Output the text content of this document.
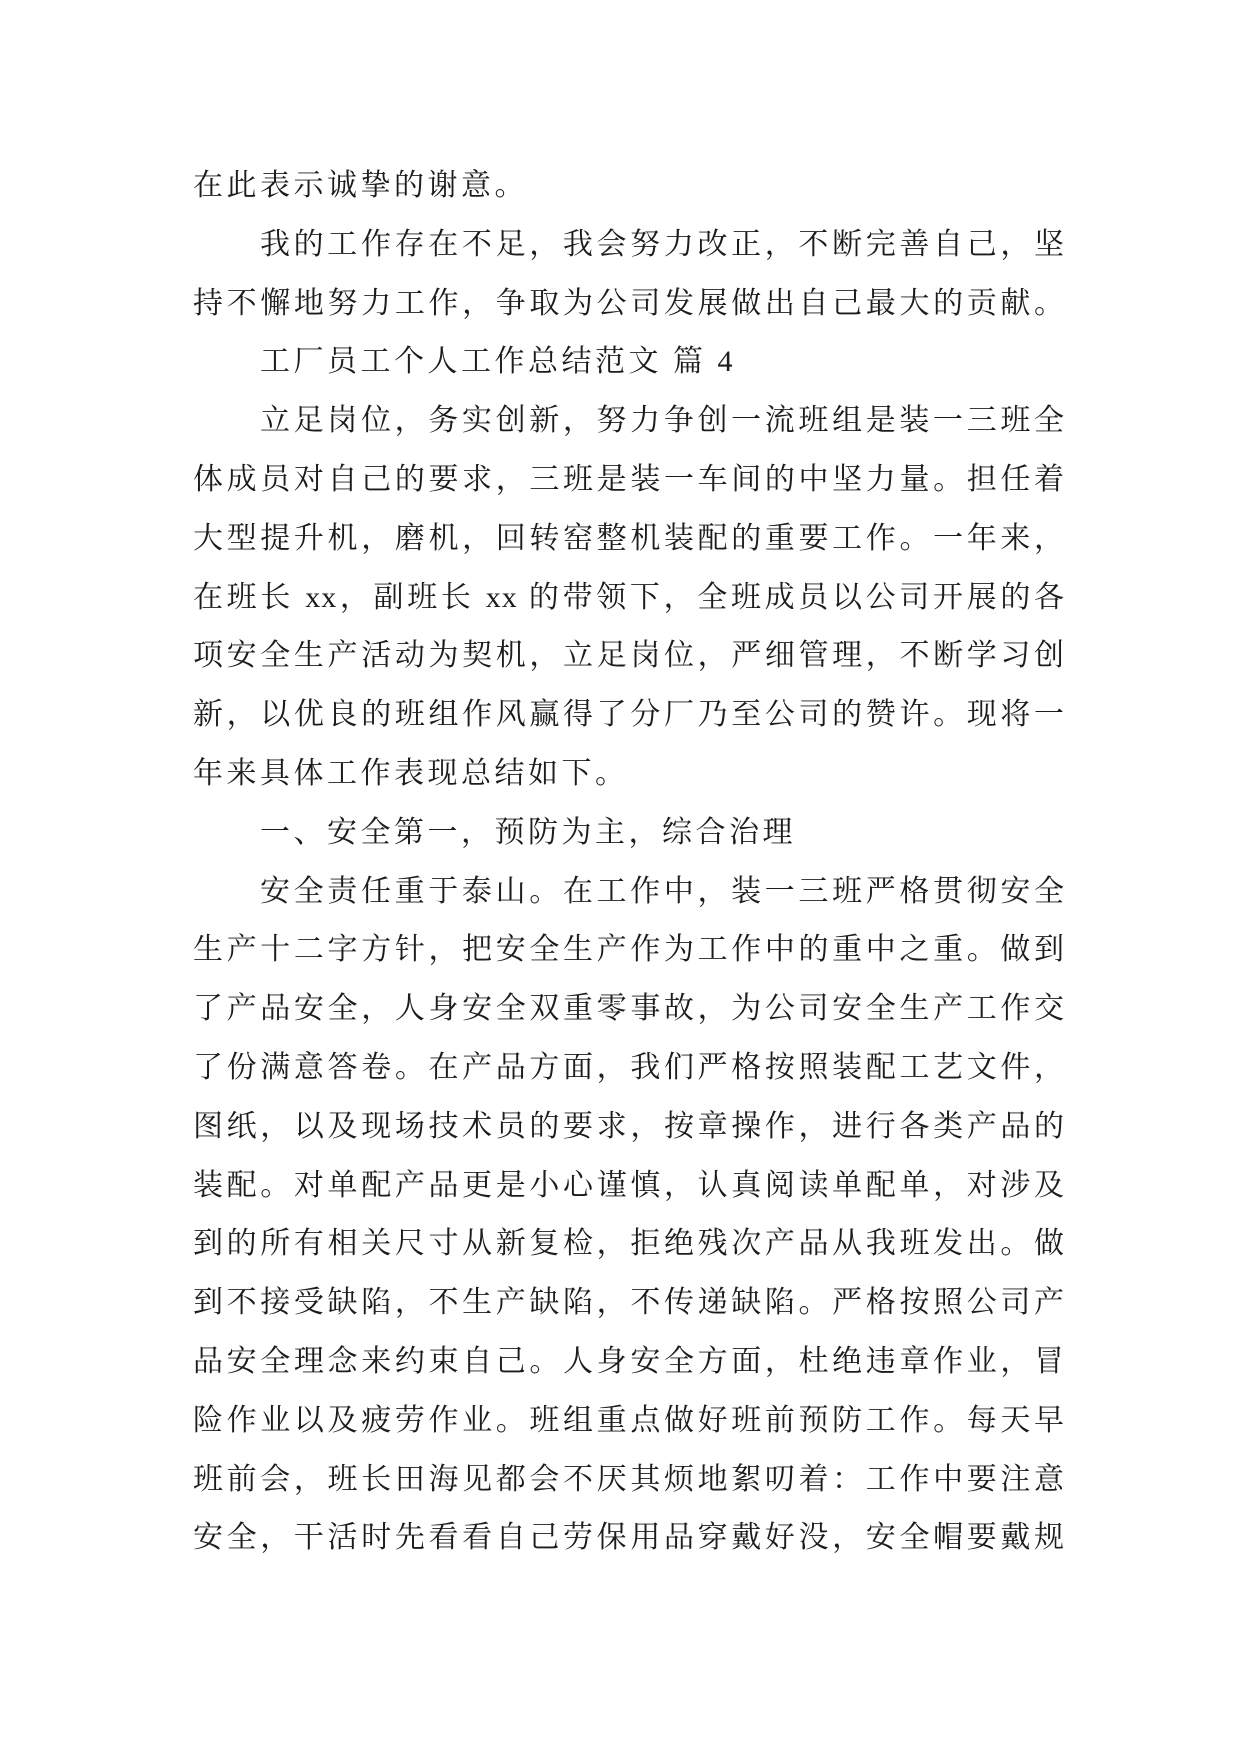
在此表示诚挚的谢意。
我的工作存在不足，我会努力改正，不断完善自己，坚
持不懈地努力工作，争取为公司发展做出自己最大的贡献。
工厂员工个人工作总结范文 篇 4
立足岗位，务实创新，努力争创一流班组是装一三班全
体成员对自己的要求，三班是装一车间的中坚力量。担任着
大型提升机，磨机，回转窑整机装配的重要工作。一年来，
在班长 xx，副班长 xx 的带领下，全班成员以公司开展的各
项安全生产活动为契机，立足岗位，严细管理，不断学习创
新，以优良的班组作风赢得了分厂乃至公司的赞许。现将一
年来具体工作表现总结如下。
一、安全第一，预防为主，综合治理
安全责任重于泰山。在工作中，装一三班严格贯彻安全
生产十二字方针，把安全生产作为工作中的重中之重。做到
了产品安全，人身安全双重零事故，为公司安全生产工作交
了份满意答卷。在产品方面，我们严格按照装配工艺文件，
图纸，以及现场技术员的要求，按章操作，进行各类产品的
装配。对单配产品更是小心谨慎，认真阅读单配单，对涉及
到的所有相关尺寸从新复检，拒绝残次产品从我班发出。做
到不接受缺陷，不生产缺陷，不传递缺陷。严格按照公司产
品安全理念来约束自己。人身安全方面，杜绝违章作业，冒
险作业以及疲劳作业。班组重点做好班前预防工作。每天早
班前会，班长田海见都会不厌其烦地絮叨着：工作中要注意
安全，干活时先看看自己劳保用品穿戴好没，安全帽要戴规
